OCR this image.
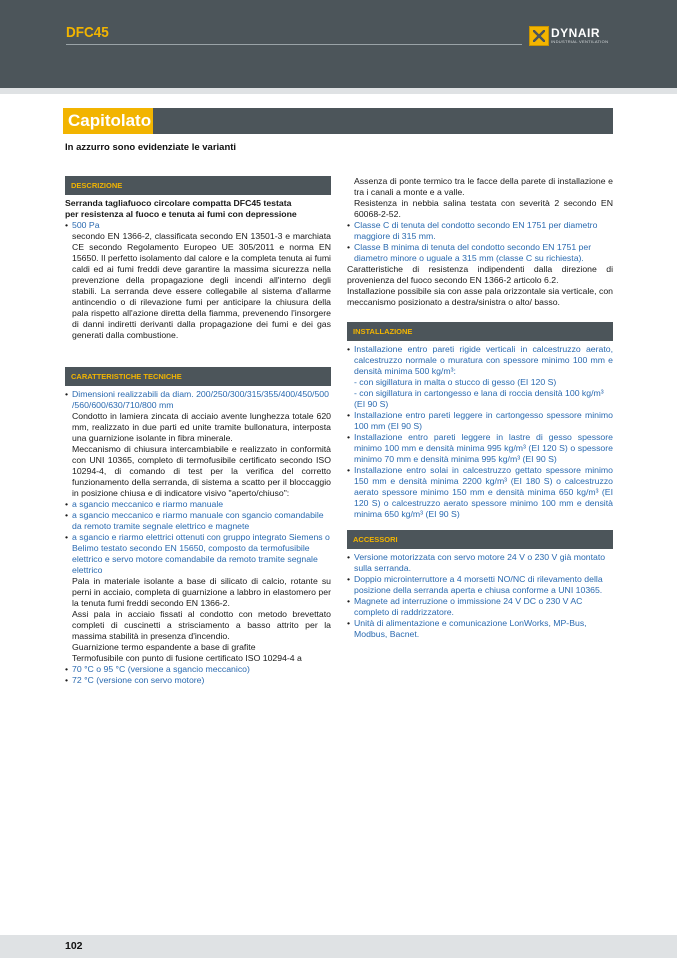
DFC45	DYNAIR
INDUSTRIAL VENTILATION
Capitolato
In azzurro sono evidenziate le varianti
DESCRIZIONE

Serranda tagliafuoco circolare compatta DFC45 testata

per resistenza al fuoco e tenuta ai fumi con depressione

• 500 Pa

secondo EN 1366-2, classificata secondo EN 13501-3 e marchiata CE secondo Regolamento Europeo UE 305/2011 e norma EN 15650. Il perfetto isolamento dal calore e la completa tenuta ai fumi caldi ed ai fumi freddi deve garantire la massima sicurezza nella prevenzione della propagazione degli incendi all'interno degli stabili. La serranda deve essere collegabile al sistema d'allarme antincendio o di rilevazione fumi per anticipare la chiusura della pala rispetto all'azione diretta della fiamma, prevenendo l'insorgere di danni indiretti derivanti dalla propagazione dei fumi e dei gas generati dalla combustione.

CARATTERISTICHE TECNICHE

• Dimensioni realizzabili da diam. 200/250/300/315/355/400/450/500 /560/600/630/710/800 mm

Condotto in lamiera zincata di acciaio avente lunghezza totale 620 mm, realizzato in due parti ed unite tramite bullonatura, interposta una guarnizione isolante in fibra minerale.

Meccanismo di chiusura intercambiabile e realizzato in conformità con UNI 10365, completo di termofusibile certificato secondo ISO 10294-4, di comando di test per la verifica del corretto funzionamento della serranda, di sistema a scatto per il bloccaggio in posizione chiusa e di indicatore visivo "aperto/chiuso":

• a sgancio meccanico e riarmo manuale

• a sgancio meccanico e riarmo manuale con sgancio comandabile da remoto tramite segnale elettrico e magnete

• a sgancio e riarmo elettrici ottenuti con gruppo integrato Siemens o Belimo testato secondo EN 15650, composto da termofusibile elettrico e servo motore comandabile da remoto tramite segnale elettrico

Pala in materiale isolante a base di silicato di calcio, rotante su perni in acciaio, completa di guarnizione a labbro in elastomero per la tenuta fumi freddi secondo EN 1366-2.

Assi pala in acciaio fissati al condotto con metodo brevettato completi di cuscinetti a strisciamento a basso attrito per la massima stabilità in presenza d'incendio.

Guarnizione termo espandente a base di grafite

Termofusibile con punto di fusione certificato ISO 10294-4 a

• 70 °C o 95 °C (versione a sgancio meccanico)

• 72 °C (versione con servo motore)

Assenza di ponte termico tra le facce della parete di installazione e tra i canali a monte e a valle.

Resistenza in nebbia salina testata con severità 2 secondo EN 60068-2-52.

• Classe C di tenuta del condotto secondo EN 1751 per diametro maggiore di 315 mm.

• Classe B minima di tenuta del condotto secondo EN 1751 per diametro minore o uguale a 315 mm (classe C su richiesta).

Caratteristiche di resistenza indipendenti dalla direzione di provenienza del fuoco secondo EN 1366-2 articolo 6.2.

Installazione possibile sia con asse pala orizzontale sia verticale, con meccanismo posizionato a destra/sinistra o alto/ basso.

INSTALLAZIONE

• Installazione entro pareti rigide verticali in calcestruzzo aerato, calcestruzzo normale o muratura con spessore minimo 100 mm e densità minima 500 kg/m³:

- con sigillatura in malta o stucco di gesso (EI 120 S)

- con sigillatura in cartongesso e lana di roccia densità 100 kg/m³ (EI 90 S)

• Installazione entro pareti leggere in cartongesso spessore minimo 100 mm (EI 90 S)

• Installazione entro pareti leggere in lastre di gesso spessore minimo 100 mm e densità minima 995 kg/m³ (EI 120 S) o spessore minimo 70 mm e densità minima 995 kg/m³ (EI 90 S)

• Installazione entro solai in calcestruzzo gettato spessore minimo 150 mm e densità minima 2200 kg/m³ (EI 180 S) o calcestruzzo aerato spessore minimo 150 mm e densità minima 650 kg/m³ (EI 120 S) o calcestruzzo aerato spessore minimo 100 mm e densità minima 650 kg/m³ (EI 90 S)

ACCESSORI

• Versione motorizzata con servo motore 24 V o 230 V già montato sulla serranda.

• Doppio microinterruttore a 4 morsetti NO/NC di rilevamento della posizione della serranda aperta e chiusa conforme a UNI 10365.

• Magnete ad interruzione o immissione 24 V DC o 230 V AC completo di raddrizzatore.

• Unità di alimentazione e comunicazione LonWorks, MP-Bus, Modbus, Bacnet.

102
